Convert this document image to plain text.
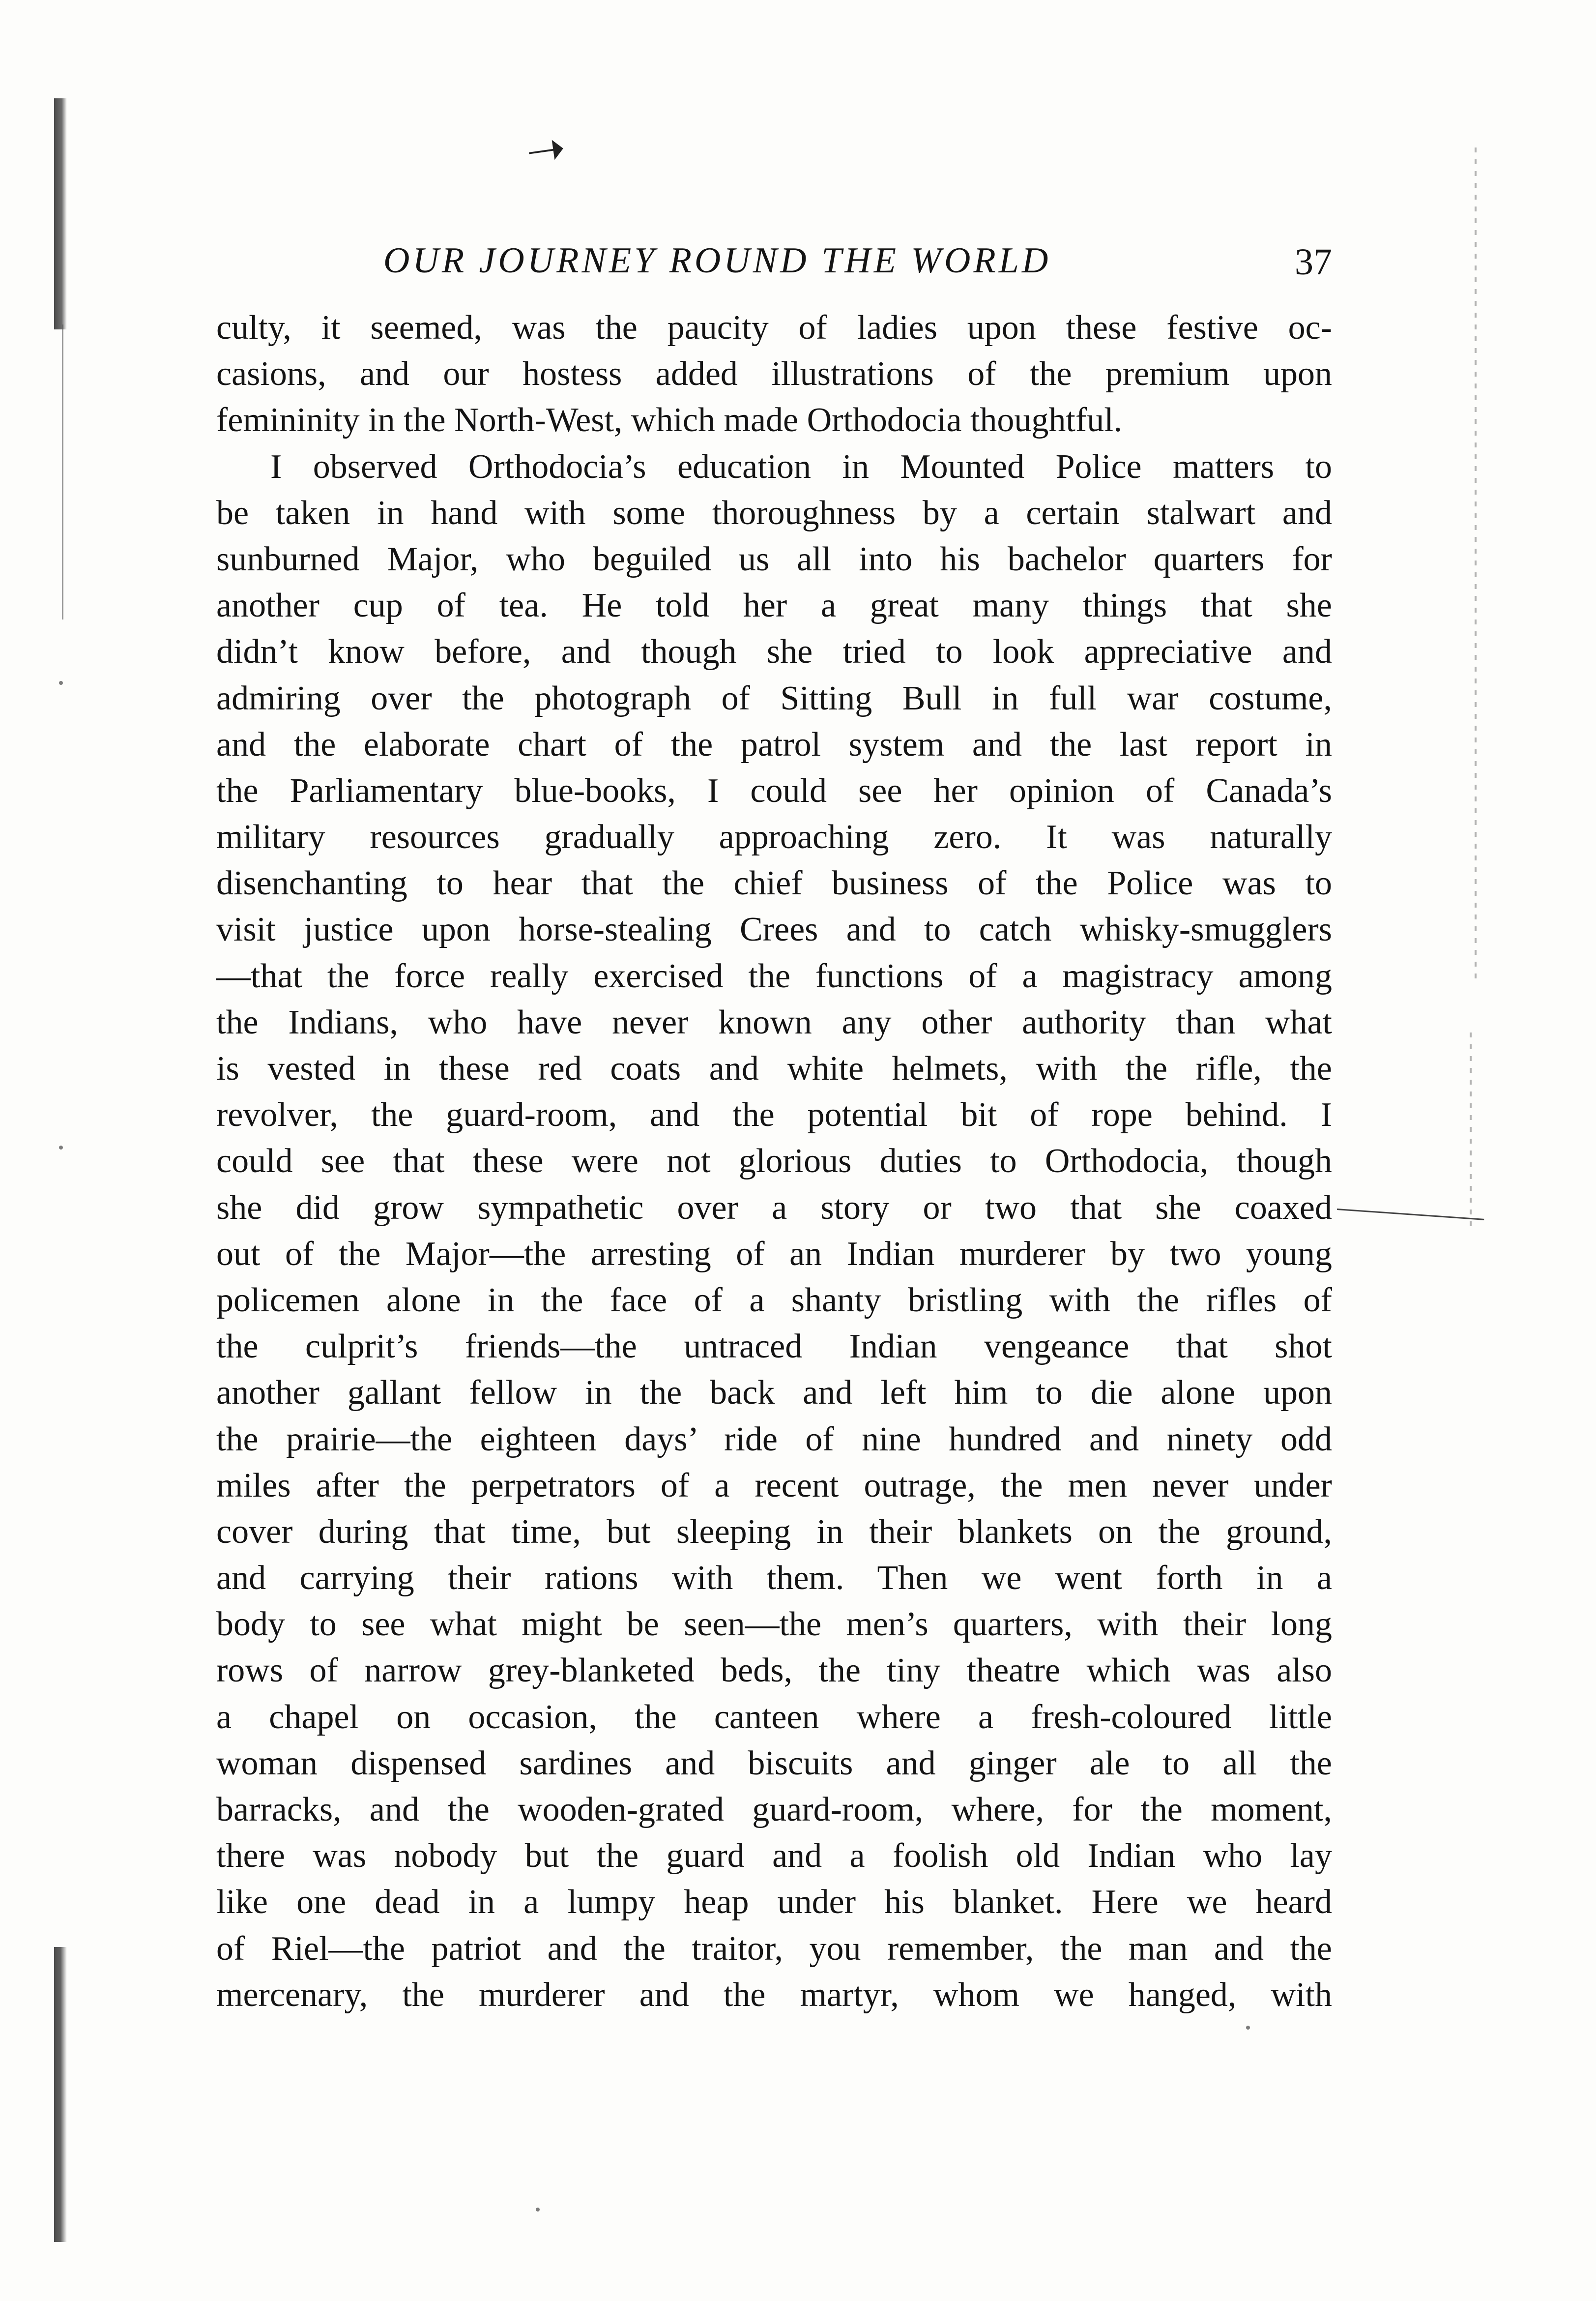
➝
OUR JOURNEY ROUND THE WORLD	37
culty, it seemed, was the paucity of ladies upon these festive oc-
casions, and our hostess added illustrations of the premium upon
femininity in the North-West, which made Orthodocia thoughtful.
I observed Orthodocia’s education in Mounted Police matters to
be taken in hand with some thoroughness by a certain stalwart and
sunburned Major, who beguiled us all into his bachelor quarters for
another cup of tea. He told her a great many things that she
didn’t know before, and though she tried to look appreciative and
admiring over the photograph of Sitting Bull in full war costume,
and the elaborate chart of the patrol system and the last report in
the Parliamentary blue-books, I could see her opinion of Canada’s
military resources gradually approaching zero. It was naturally
disenchanting to hear that the chief business of the Police was to
visit justice upon horse-stealing Crees and to catch whisky-smugglers
—that the force really exercised the functions of a magistracy among
the Indians, who have never known any other authority than what
is vested in these red coats and white helmets, with the rifle, the
revolver, the guard-room, and the potential bit of rope behind. I
could see that these were not glorious duties to Orthodocia, though
she did grow sympathetic over a story or two that she coaxed
out of the Major—the arresting of an Indian murderer by two young
policemen alone in the face of a shanty bristling with the rifles of
the culprit’s friends—the untraced Indian vengeance that shot
another gallant fellow in the back and left him to die alone upon
the prairie—the eighteen days’ ride of nine hundred and ninety odd
miles after the perpetrators of a recent outrage, the men never under
cover during that time, but sleeping in their blankets on the ground,
and carrying their rations with them. Then we went forth in a
body to see what might be seen—the men’s quarters, with their long
rows of narrow grey-blanketed beds, the tiny theatre which was also
a chapel on occasion, the canteen where a fresh-coloured little
woman dispensed sardines and biscuits and ginger ale to all the
barracks, and the wooden-grated guard-room, where, for the moment,
there was nobody but the guard and a foolish old Indian who lay
like one dead in a lumpy heap under his blanket. Here we heard
of Riel—the patriot and the traitor, you remember, the man and the
mercenary, the murderer and the martyr, whom we hanged, with
